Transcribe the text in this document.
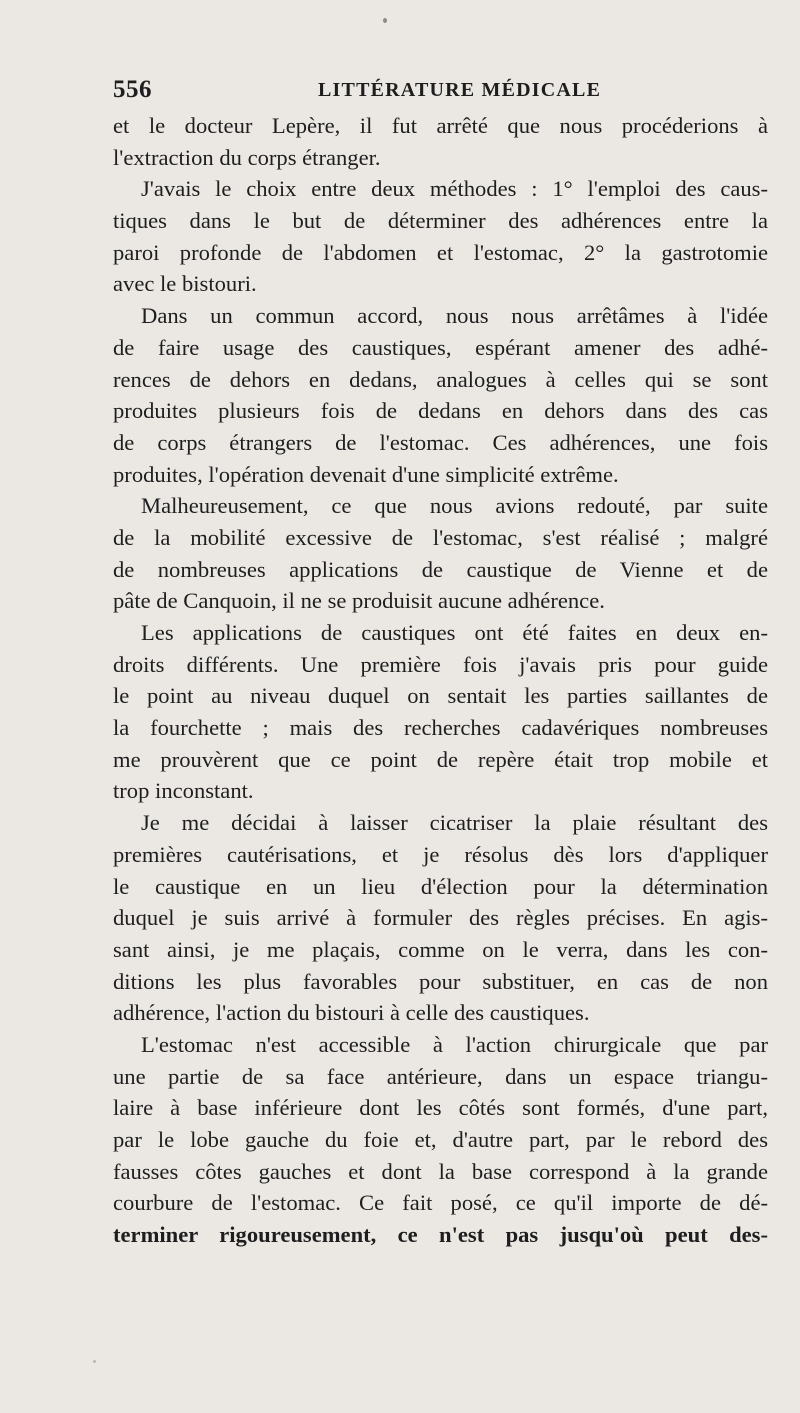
556	LITTÉRATURE MÉDICALE
et le docteur Lepère, il fut arrêté que nous procéderions à
l'extraction du corps étranger.
J'avais le choix entre deux méthodes : 1° l'emploi des caus-
tiques dans le but de déterminer des adhérences entre la
paroi profonde de l'abdomen et l'estomac, 2° la gastrotomie
avec le bistouri.
Dans un commun accord, nous nous arrêtâmes à l'idée
de faire usage des caustiques, espérant amener des adhé-
rences de dehors en dedans, analogues à celles qui se sont
produites plusieurs fois de dedans en dehors dans des cas
de corps étrangers de l'estomac. Ces adhérences, une fois
produites, l'opération devenait d'une simplicité extrême.
Malheureusement, ce que nous avions redouté, par suite
de la mobilité excessive de l'estomac, s'est réalisé ; malgré
de nombreuses applications de caustique de Vienne et de
pâte de Canquoin, il ne se produisit aucune adhérence.
Les applications de caustiques ont été faites en deux en-
droits différents. Une première fois j'avais pris pour guide
le point au niveau duquel on sentait les parties saillantes de
la fourchette ; mais des recherches cadavériques nombreuses
me prouvèrent que ce point de repère était trop mobile et
trop inconstant.
Je me décidai à laisser cicatriser la plaie résultant des
premières cautérisations, et je résolus dès lors d'appliquer
le caustique en un lieu d'élection pour la détermination
duquel je suis arrivé à formuler des règles précises. En agis-
sant ainsi, je me plaçais, comme on le verra, dans les con-
ditions les plus favorables pour substituer, en cas de non
adhérence, l'action du bistouri à celle des caustiques.
L'estomac n'est accessible à l'action chirurgicale que par
une partie de sa face antérieure, dans un espace triangu-
laire à base inférieure dont les côtés sont formés, d'une part,
par le lobe gauche du foie et, d'autre part, par le rebord des
fausses côtes gauches et dont la base correspond à la grande
courbure de l'estomac. Ce fait posé, ce qu'il importe de dé-
terminer rigoureusement, ce n'est pas jusqu'où peut des-
